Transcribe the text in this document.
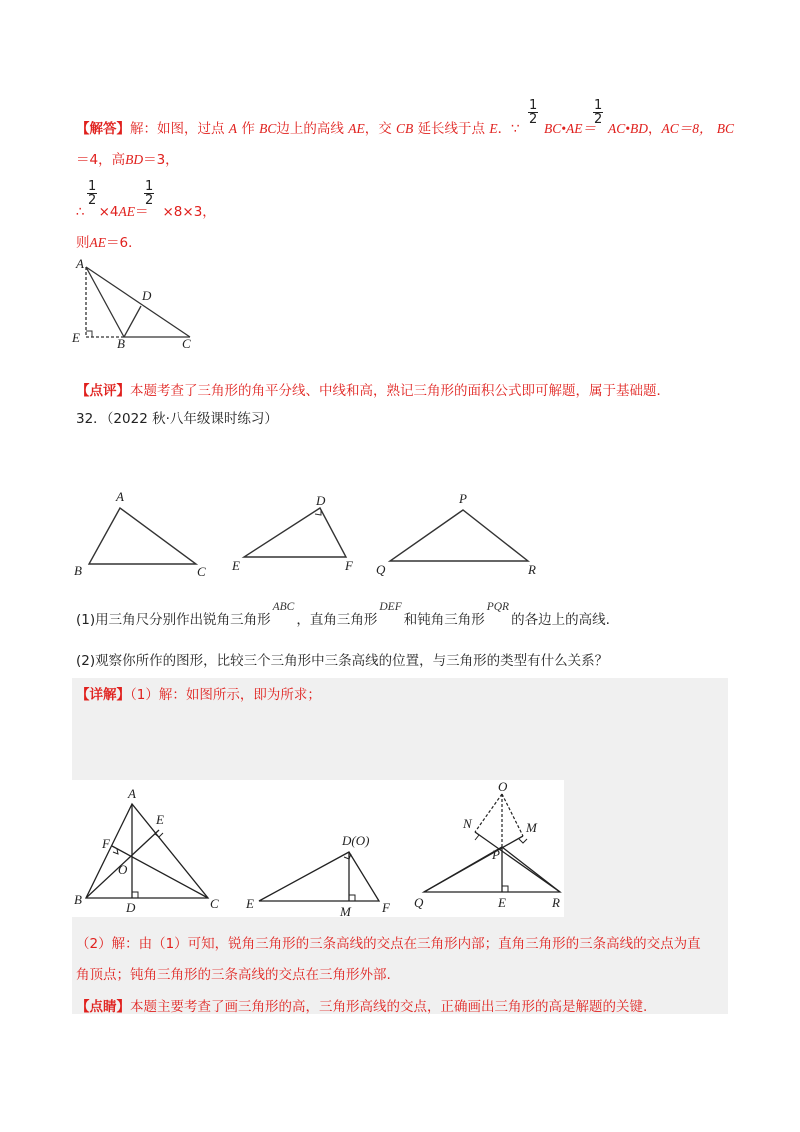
【解答】解：如图，过点 A 作 BC边上的高线 AE，交 CB 延长线于点 E．∵
$\frac{1}{2}$
BC•AE＝
$\frac{1}{2}$
AC•BD，AC＝8， BC
＝4，高BD＝3，
$\frac{1}{2}$
∴ ×4AE＝ ×8×3，
$\frac{1}{2}$
则AE＝6．
A
D
E	B	C
【点评】本题考查了三角形的角平分线、中线和高，熟记三角形的面积公式即可解题，属于基础题．
32．（2022 秋·八年级课时练习）
A
B	C
D
E	F
P
Q	R
(1)用三角尺分别作出锐角三角形ABC，直角三角形DEF和钝角三角形PQR的各边上的高线.
(2)观察你所作的图形，比较三个三角形中三条高线的位置，与三角形的类型有什么关系？
【详解】（1）解：如图所示，即为所求；
A
E
F
O
B
D	C
D(O)
E
M F
O
N	M
P
Q	E	R
（2）解：由（1）可知，锐角三角形的三条高线的交点在三角形内部；直角三角形的三条高线的交点为直
角顶点；钝角三角形的三条高线的交点在三角形外部.
【点睛】本题主要考查了画三角形的高，三角形高线的交点，正确画出三角形的高是解题的关键.
